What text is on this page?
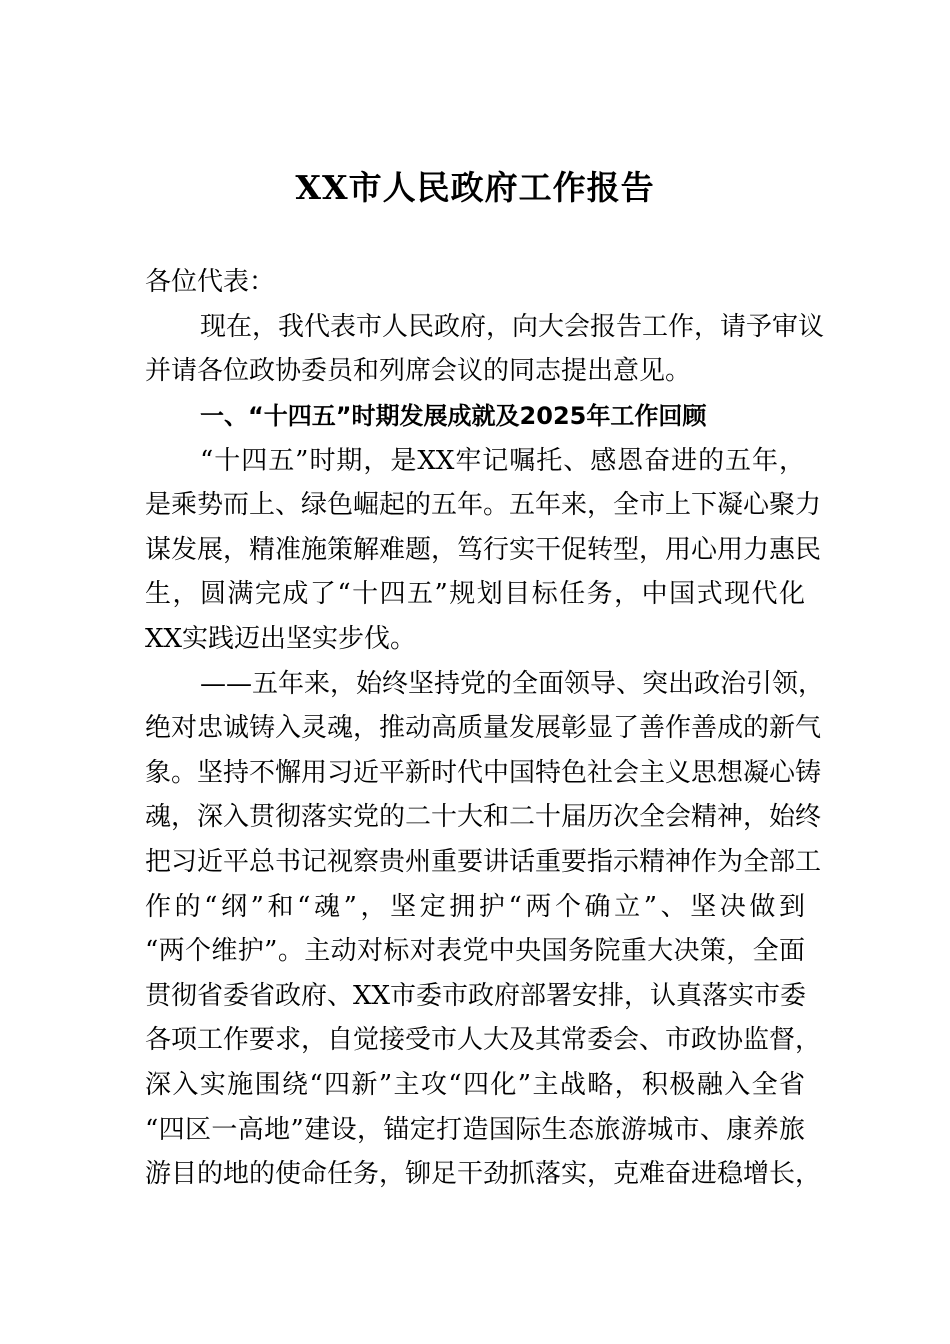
XX市人民政府工作报告
各位代表：
现在，我代表市人民政府，向大会报告工作，请予审议
并请各位政协委员和列席会议的同志提出意见。
一、“十四五”时期发展成就及2025年工作回顾
“十四五”时期，是XX牢记嘱托、感恩奋进的五年，
是乘势而上、绿色崛起的五年。五年来，全市上下凝心聚力
谋发展，精准施策解难题，笃行实干促转型，用心用力惠民
生，圆满完成了“十四五”规划目标任务，中国式现代化
XX实践迈出坚实步伐。
——五年来，始终坚持党的全面领导、突出政治引领，
绝对忠诚铸入灵魂，推动高质量发展彰显了善作善成的新气
象。坚持不懈用习近平新时代中国特色社会主义思想凝心铸
魂，深入贯彻落实党的二十大和二十届历次全会精神，始终
把习近平总书记视察贵州重要讲话重要指示精神作为全部工
作的“纲”和“魂”，坚定拥护“两个确立”、坚决做到
“两个维护”。主动对标对表党中央国务院重大决策，全面
贯彻省委省政府、XX市委市政府部署安排，认真落实市委
各项工作要求，自觉接受市人大及其常委会、市政协监督，
深入实施围绕“四新”主攻“四化”主战略，积极融入全省
“四区一高地”建设，锚定打造国际生态旅游城市、康养旅
游目的地的使命任务，铆足干劲抓落实，克难奋进稳增长，
